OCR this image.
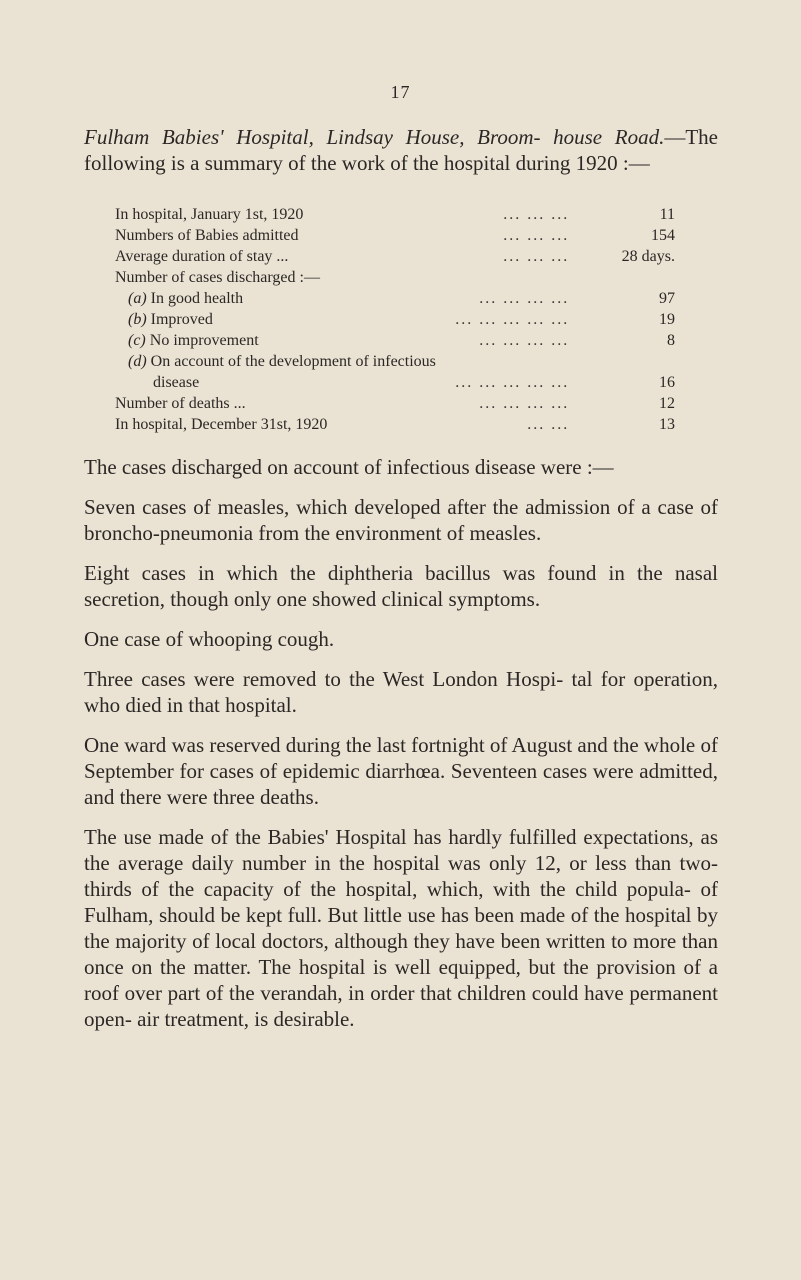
17
Fulham Babies' Hospital, Lindsay House, Broom- house Road.—The following is a summary of the work of the hospital during 1920 :—
In hospital, January 1st, 1920 ... ... ...	11
Numbers of Babies admitted ... ... ...	154
Average duration of stay ... ... ... ...	28 days.
Number of cases discharged :—	
(a) In good health ... ... ... ...	97
(b) Improved ... ... ... ... ...	19
(c) No improvement ... ... ... ...	8
(d) On account of the development of infectious	
disease ... ... ... ... ...	16
Number of deaths ... ... ... ... ...	12
In hospital, December 31st, 1920 ... ...	13

The cases discharged on account of infectious disease were :—

Seven cases of measles, which developed after the admission of a case of broncho-pneumonia from the environment of measles.

Eight cases in which the diphtheria bacillus was found in the nasal secretion, though only one showed clinical symptoms.

One case of whooping cough.

Three cases were removed to the West London Hospi- tal for operation, who died in that hospital.

One ward was reserved during the last fortnight of August and the whole of September for cases of epidemic diarrhœa. Seventeen cases were admitted, and there were three deaths.

The use made of the Babies' Hospital has hardly fulfilled expectations, as the average daily number in the hospital was only 12, or less than two-thirds of the capacity of the hospital, which, with the child popula- of Fulham, should be kept full. But little use has been made of the hospital by the majority of local doctors, although they have been written to more than once on the matter. The hospital is well equipped, but the provision of a roof over part of the verandah, in order that children could have permanent open- air treatment, is desirable.
